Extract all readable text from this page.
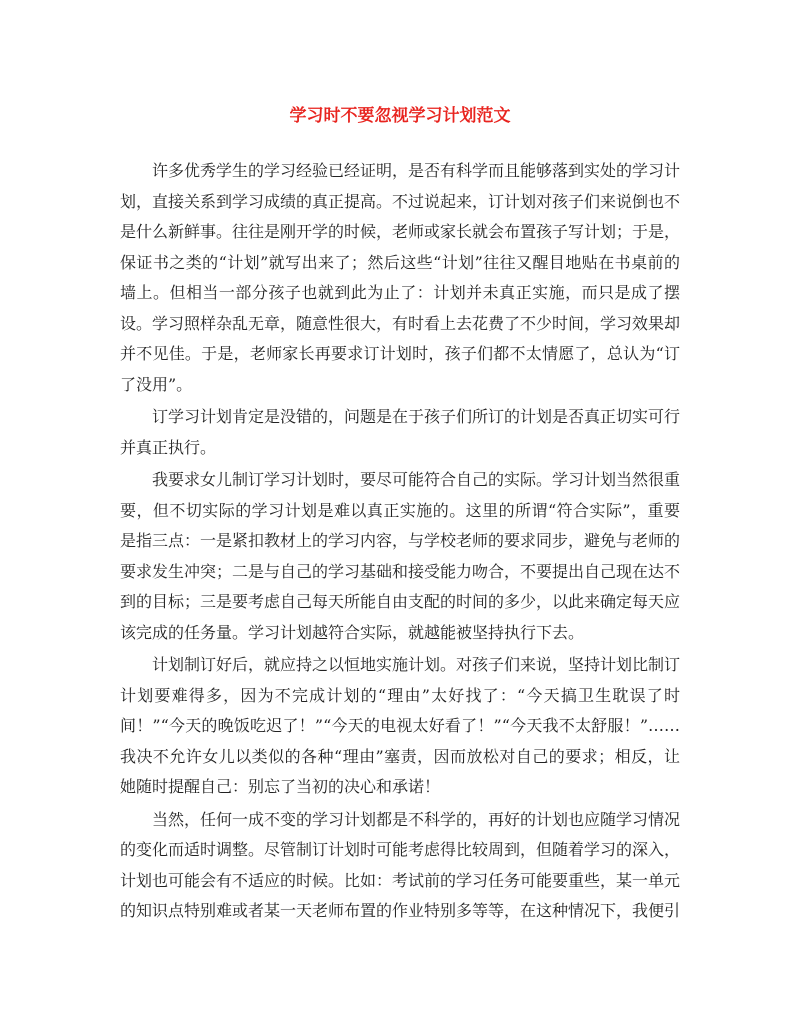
学习时不要忽视学习计划范文

许多优秀学生的学习经验已经证明，是否有科学而且能够落到实处的学习计划，直接关系到学习成绩的真正提高。不过说起来，订计划对孩子们来说倒也不是什么新鲜事。往往是刚开学的时候，老师或家长就会布置孩子写计划；于是，保证书之类的“计划”就写出来了；然后这些“计划”往往又醒目地贴在书桌前的墙上。但相当一部分孩子也就到此为止了：计划并未真正实施，而只是成了摆设。学习照样杂乱无章，随意性很大，有时看上去花费了不少时间，学习效果却并不见佳。于是，老师家长再要求订计划时，孩子们都不太情愿了，总认为“订了没用”。

订学习计划肯定是没错的，问题是在于孩子们所订的计划是否真正切实可行并真正执行。

我要求女儿制订学习计划时，要尽可能符合自己的实际。学习计划当然很重要，但不切实际的学习计划是难以真正实施的。这里的所谓“符合实际”，重要是指三点：一是紧扣教材上的学习内容，与学校老师的要求同步，避免与老师的要求发生冲突；二是与自己的学习基础和接受能力吻合，不要提出自己现在达不到的目标；三是要考虑自己每天所能自由支配的时间的多少，以此来确定每天应该完成的任务量。学习计划越符合实际，就越能被坚持执行下去。

计划制订好后，就应持之以恒地实施计划。对孩子们来说，坚持计划比制订计划要难得多，因为不完成计划的“理由”太好找了：“今天搞卫生耽误了时间！”“今天的晚饭吃迟了！”“今天的电视太好看了！”“今天我不太舒服！”……我决不允许女儿以类似的各种“理由”塞责，因而放松对自己的要求；相反，让她随时提醒自己：别忘了当初的决心和承诺！

当然，任何一成不变的学习计划都是不科学的，再好的计划也应随学习情况的变化而适时调整。尽管制订计划时可能考虑得比较周到，但随着学习的深入，计划也可能会有不适应的时候。比如：考试前的学习任务可能要重些，某一单元的知识点特别难或者某一天老师布置的作业特别多等等，在这种情况下，我便引
